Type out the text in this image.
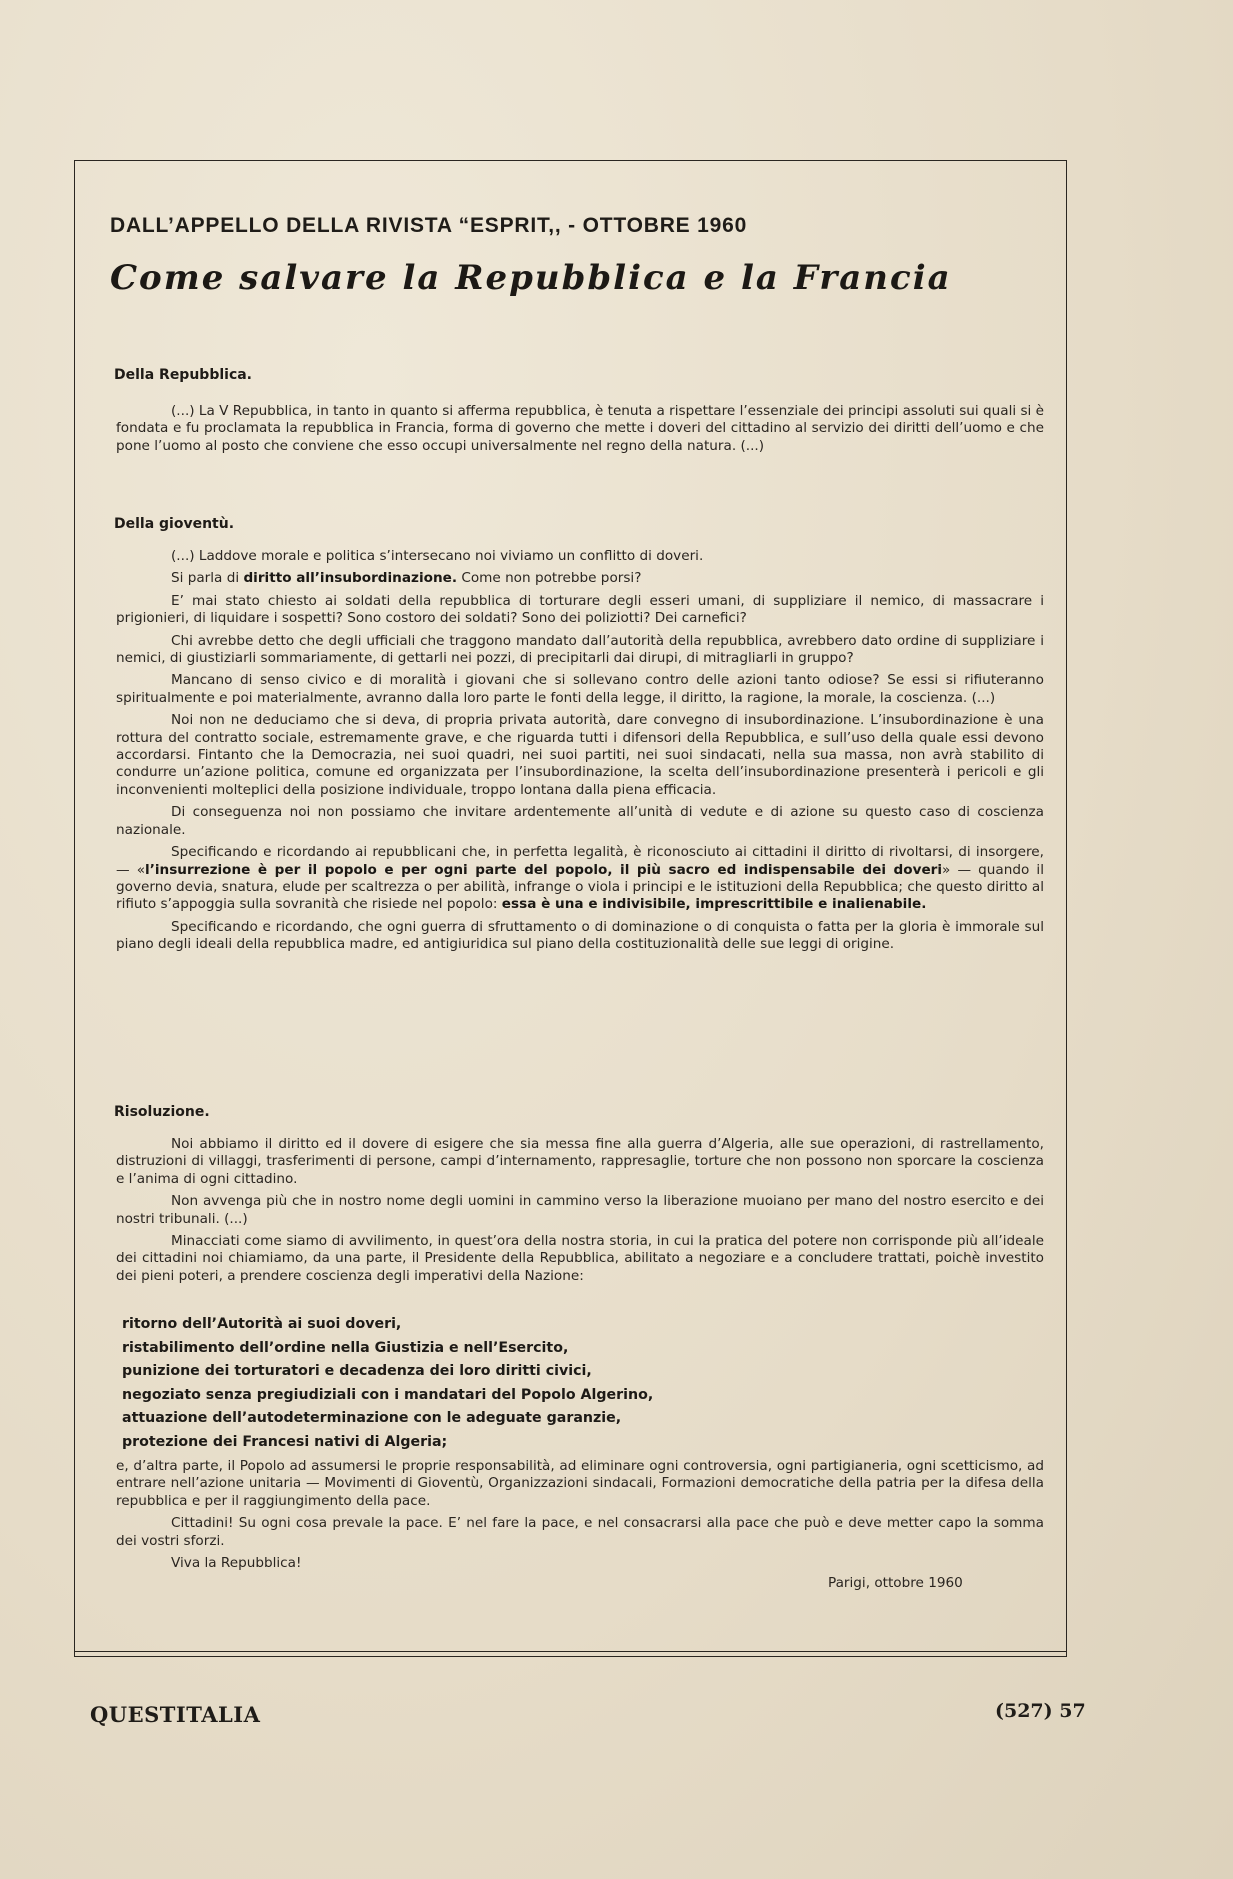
DALL’APPELLO DELLA RIVISTA “ESPRIT,, - OTTOBRE 1960
Come salvare la Repubblica e la Francia
Della Repubblica.

(...) La V Repubblica, in tanto in quanto si afferma repubblica, è tenuta a rispettare l’essenziale dei principi assoluti sui quali si è fondata e fu proclamata la repubblica in Francia, forma di governo che mette i doveri del cittadino al servizio dei diritti dell’uomo e che pone l’uomo al posto che conviene che esso occupi universalmente nel regno della natura. (...)

Della gioventù.

(...) Laddove morale e politica s’intersecano noi viviamo un conflitto di doveri.

Si parla di diritto all’insubordinazione. Come non potrebbe porsi?

E’ mai stato chiesto ai soldati della repubblica di torturare degli esseri umani, di suppliziare il nemico, di massacrare i prigionieri, di liquidare i sospetti? Sono costoro dei soldati? Sono dei poliziotti? Dei carnefici?

Chi avrebbe detto che degli ufficiali che traggono mandato dall’autorità della repubblica, avrebbero dato ordine di suppliziare i nemici, di giustiziarli sommariamente, di gettarli nei pozzi, di precipitarli dai dirupi, di mitragliarli in gruppo?

Mancano di senso civico e di moralità i giovani che si sollevano contro delle azioni tanto odiose? Se essi si rifiuteranno spiritualmente e poi materialmente, avranno dalla loro parte le fonti della legge, il diritto, la ragione, la morale, la coscienza. (...)

Noi non ne deduciamo che si deva, di propria privata autorità, dare convegno di insubordinazione. L’insubordinazione è una rottura del contratto sociale, estremamente grave, e che riguarda tutti i difensori della Repubblica, e sull’uso della quale essi devono accordarsi. Fintanto che la Democrazia, nei suoi quadri, nei suoi partiti, nei suoi sindacati, nella sua massa, non avrà stabilito di condurre un’azione politica, comune ed organizzata per l’insubordinazione, la scelta dell’insubordinazione presenterà i pericoli e gli inconvenienti molteplici della posizione individuale, troppo lontana dalla piena efficacia.

Di conseguenza noi non possiamo che invitare ardentemente all’unità di vedute e di azione su questo caso di coscienza nazionale.

Specificando e ricordando ai repubblicani che, in perfetta legalità, è riconosciuto ai cittadini il diritto di rivoltarsi, di insorgere, — «l’insurrezione è per il popolo e per ogni parte del popolo, il più sacro ed indispensabile dei doveri» — quando il governo devia, snatura, elude per scaltrezza o per abilità, infrange o viola i principi e le istituzioni della Repubblica; che questo diritto al rifiuto s’appoggia sulla sovranità che risiede nel popolo: essa è una e indivisibile, imprescrittibile e inalienabile.

Specificando e ricordando, che ogni guerra di sfruttamento o di dominazione o di conquista o fatta per la gloria è immorale sul piano degli ideali della repubblica madre, ed antigiuridica sul piano della costituzionalità delle sue leggi di origine.

Risoluzione.

Noi abbiamo il diritto ed il dovere di esigere che sia messa fine alla guerra d’Algeria, alle sue operazioni, di rastrellamento, distruzioni di villaggi, trasferimenti di persone, campi d’internamento, rappresaglie, torture che non possono non sporcare la coscienza e l’anima di ogni cittadino.

Non avvenga più che in nostro nome degli uomini in cammino verso la liberazione muoiano per mano del nostro esercito e dei nostri tribunali. (...)

Minacciati come siamo di avvilimento, in quest’ora della nostra storia, in cui la pratica del potere non corrisponde più all’ideale dei cittadini noi chiamiamo, da una parte, il Presidente della Repubblica, abilitato a negoziare e a concludere trattati, poichè investito dei pieni poteri, a prendere coscienza degli imperativi della Nazione:

ritorno dell’Autorità ai suoi doveri,
ristabilimento dell’ordine nella Giustizia e nell’Esercito,
punizione dei torturatori e decadenza dei loro diritti civici,
negoziato senza pregiudiziali con i mandatari del Popolo Algerino,
attuazione dell’autodeterminazione con le adeguate garanzie,
protezione dei Francesi nativi di Algeria;

e, d’altra parte, il Popolo ad assumersi le proprie responsabilità, ad eliminare ogni controversia, ogni partigianeria, ogni scetticismo, ad entrare nell’azione unitaria — Movimenti di Gioventù, Organizzazioni sindacali, Formazioni democratiche della patria per la difesa della repubblica e per il raggiungimento della pace.

Cittadini! Su ogni cosa prevale la pace. E’ nel fare la pace, e nel consacrarsi alla pace che può e deve metter capo la somma dei vostri sforzi.

Viva la Repubblica!

Parigi, ottobre 1960
QUESTITALIA	(527) 57
